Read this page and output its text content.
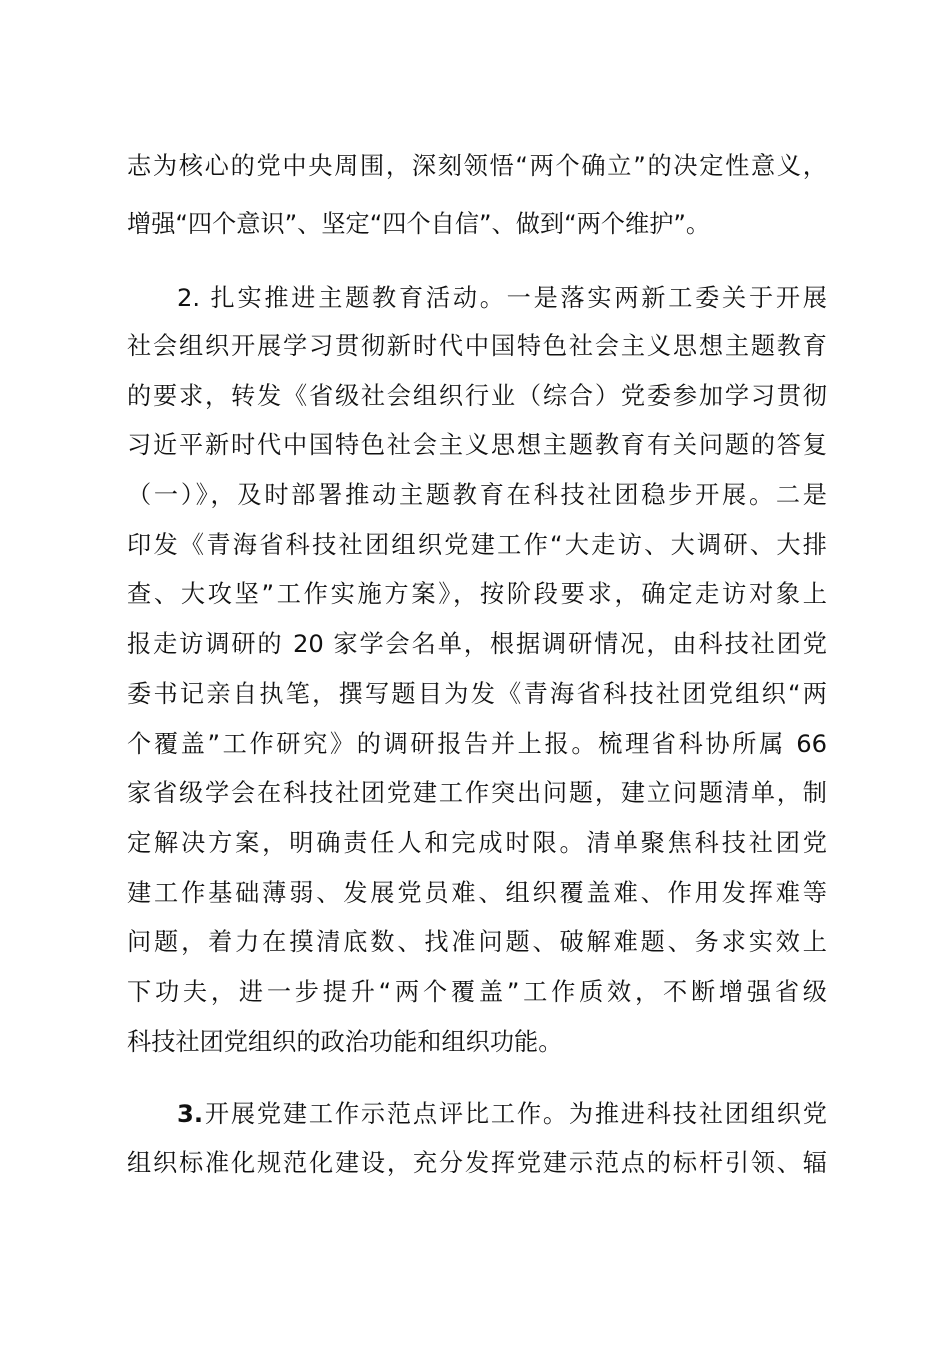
志为核心的党中央周围，深刻领悟“两个确立”的决定性意义，
增强“四个意识”、坚定“四个自信”、做到“两个维护”。
2. 扎实推进主题教育活动。一是落实两新工委关于开展
社会组织开展学习贯彻新时代中国特色社会主义思想主题教育
的要求，转发《省级社会组织行业（综合）党委参加学习贯彻
习近平新时代中国特色社会主义思想主题教育有关问题的答复
（一）》，及时部署推动主题教育在科技社团稳步开展。二是
印发《青海省科技社团组织党建工作“大走访、大调研、大排
查、大攻坚”工作实施方案》，按阶段要求，确定走访对象上
报走访调研的 20 家学会名单，根据调研情况，由科技社团党
委书记亲自执笔，撰写题目为发《青海省科技社团党组织“两
个覆盖”工作研究》的调研报告并上报。梳理省科协所属 66
家省级学会在科技社团党建工作突出问题，建立问题清单，制
定解决方案，明确责任人和完成时限。清单聚焦科技社团党
建工作基础薄弱、发展党员难、组织覆盖难、作用发挥难等
问题，着力在摸清底数、找准问题、破解难题、务求实效上
下功夫，进一步提升“两个覆盖”工作质效，不断增强省级
科技社团党组织的政治功能和组织功能。
3.开展党建工作示范点评比工作。为推进科技社团组织党
组织标准化规范化建设，充分发挥党建示范点的标杆引领、辐
